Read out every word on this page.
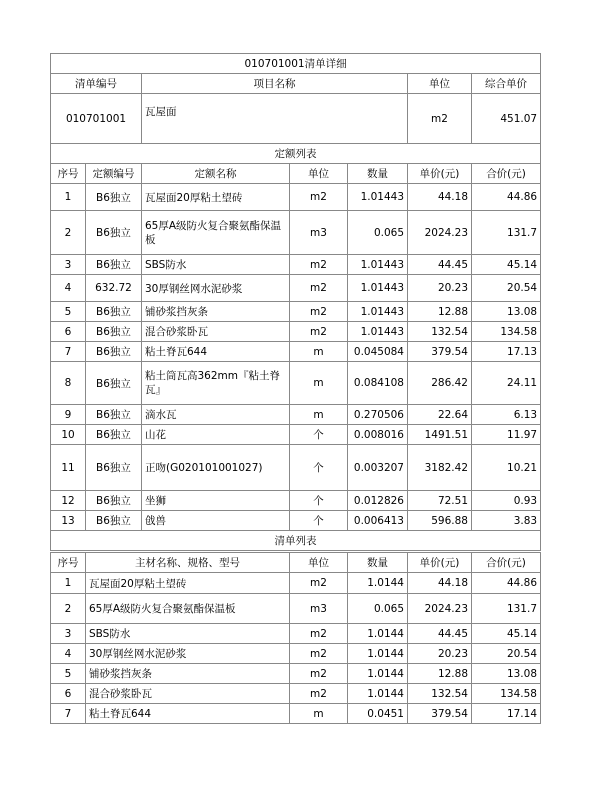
010701001清单详细						
清单编号		项目名称			单位	综合单价
010701001		瓦屋面			m2	451.07
定额列表						
序号	定额编号	定额名称	单位	数量	单价(元)	合价(元)
1	B6独立	瓦屋面20厚粘土望砖	m2	1.01443	44.18	44.86
2	B6独立	65厚A级防火复合聚氨酯保温板	m3	0.065	2024.23	131.7
3	B6独立	SBS防水	m2	1.01443	44.45	45.14
4	632.72	30厚钢丝网水泥砂浆	m2	1.01443	20.23	20.54
5	B6独立	铺砂浆挡灰条	m2	1.01443	12.88	13.08
6	B6独立	混合砂浆卧瓦	m2	1.01443	132.54	134.58
7	B6独立	粘土脊瓦644	m	0.045084	379.54	17.13
8	B6独立	粘土筒瓦高362mm『粘土脊瓦』	m	0.084108	286.42	24.11
9	B6独立	滴水瓦	m	0.270506	22.64	6.13
10	B6独立	山花	个	0.008016	1491.51	11.97
11	B6独立	正吻(G020101001027)	个	0.003207	3182.42	10.21
12	B6独立	坐狮	个	0.012826	72.51	0.93
13	B6独立	戗兽	个	0.006413	596.88	3.83
清单列表						
序号	主材名称、规格、型号	单位	数量	单价(元)	合价(元)
1	瓦屋面20厚粘土望砖	m2	1.0144	44.18	44.86
2	65厚A级防火复合聚氨酯保温板	m3	0.065	2024.23	131.7
3	SBS防水	m2	1.0144	44.45	45.14
4	30厚钢丝网水泥砂浆	m2	1.0144	20.23	20.54
5	铺砂浆挡灰条	m2	1.0144	12.88	13.08
6	混合砂浆卧瓦	m2	1.0144	132.54	134.58
7	粘土脊瓦644	m	0.0451	379.54	17.14
